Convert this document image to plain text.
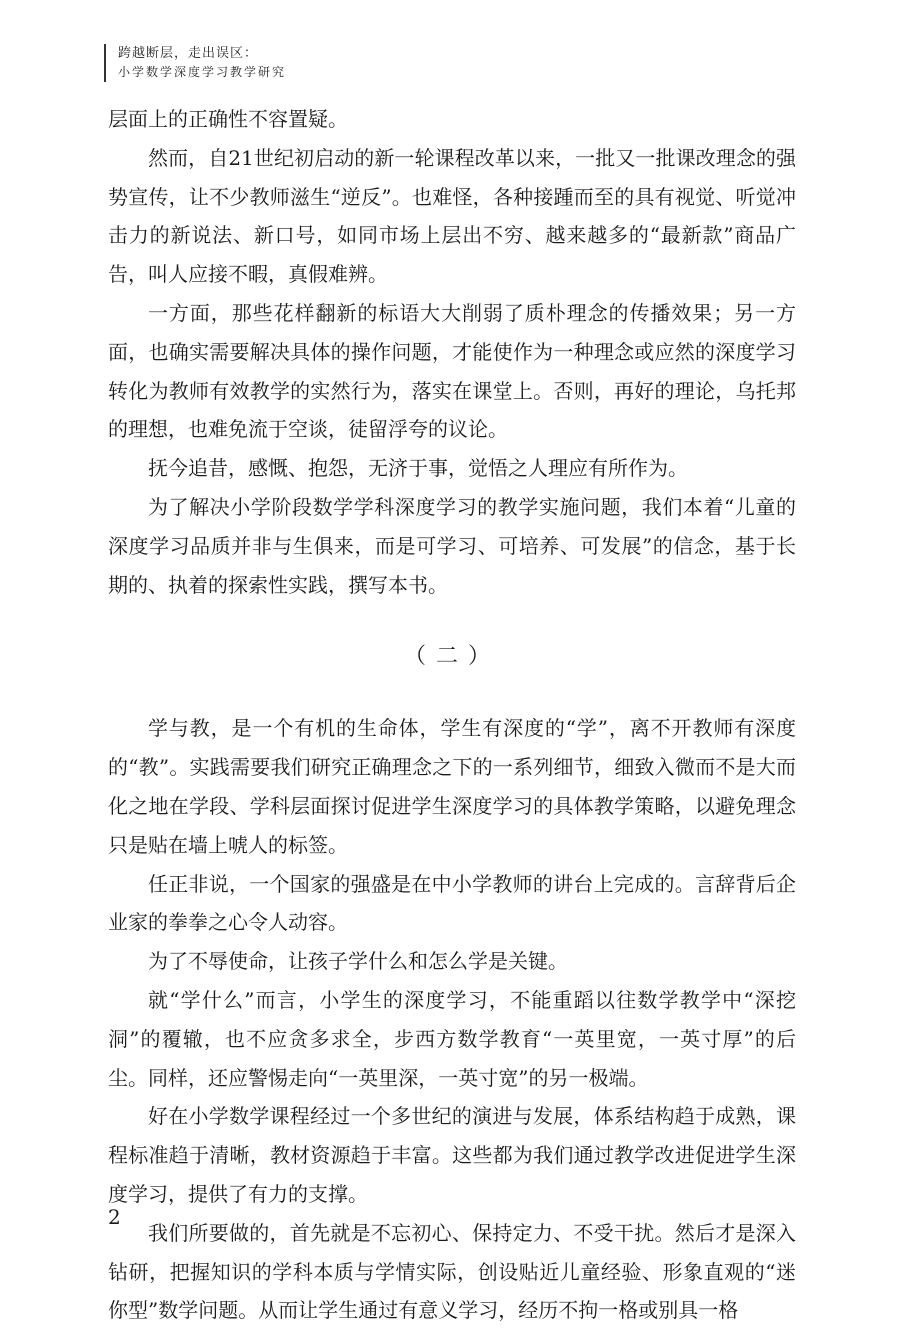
跨越断层，走出误区：
小学数学深度学习教学研究

层面上的正确性不容置疑。

然而，自21世纪初启动的新一轮课程改革以来，一批又一批课改理念的强势宣传，让不少教师滋生“逆反”。也难怪，各种接踵而至的具有视觉、听觉冲击力的新说法、新口号，如同市场上层出不穷、越来越多的“最新款”商品广告，叫人应接不暇，真假难辨。

一方面，那些花样翻新的标语大大削弱了质朴理念的传播效果；另一方面，也确实需要解决具体的操作问题，才能使作为一种理念或应然的深度学习转化为教师有效教学的实然行为，落实在课堂上。否则，再好的理论，乌托邦的理想，也难免流于空谈，徒留浮夸的议论。

抚今追昔，感慨、抱怨，无济于事，觉悟之人理应有所作为。

为了解决小学阶段数学学科深度学习的教学实施问题，我们本着“儿童的深度学习品质并非与生俱来，而是可学习、可培养、可发展”的信念，基于长期的、执着的探索性实践，撰写本书。

（二）

学与教，是一个有机的生命体，学生有深度的“学”，离不开教师有深度的“教”。实践需要我们研究正确理念之下的一系列细节，细致入微而不是大而化之地在学段、学科层面探讨促进学生深度学习的具体教学策略，以避免理念只是贴在墙上唬人的标签。

任正非说，一个国家的强盛是在中小学教师的讲台上完成的。言辞背后企业家的拳拳之心令人动容。

为了不辱使命，让孩子学什么和怎么学是关键。

就“学什么”而言，小学生的深度学习，不能重蹈以往数学教学中“深挖洞”的覆辙，也不应贪多求全，步西方数学教育“一英里宽，一英寸厚”的后尘。同样，还应警惕走向“一英里深，一英寸宽”的另一极端。

好在小学数学课程经过一个多世纪的演进与发展，体系结构趋于成熟，课程标准趋于清晰，教材资源趋于丰富。这些都为我们通过教学改进促进学生深度学习，提供了有力的支撑。

我们所要做的，首先就是不忘初心、保持定力、不受干扰。然后才是深入钻研，把握知识的学科本质与学情实际，创设贴近儿童经验、形象直观的“迷你型”数学问题。从而让学生通过有意义学习，经历不拘一格或别具一格

2
